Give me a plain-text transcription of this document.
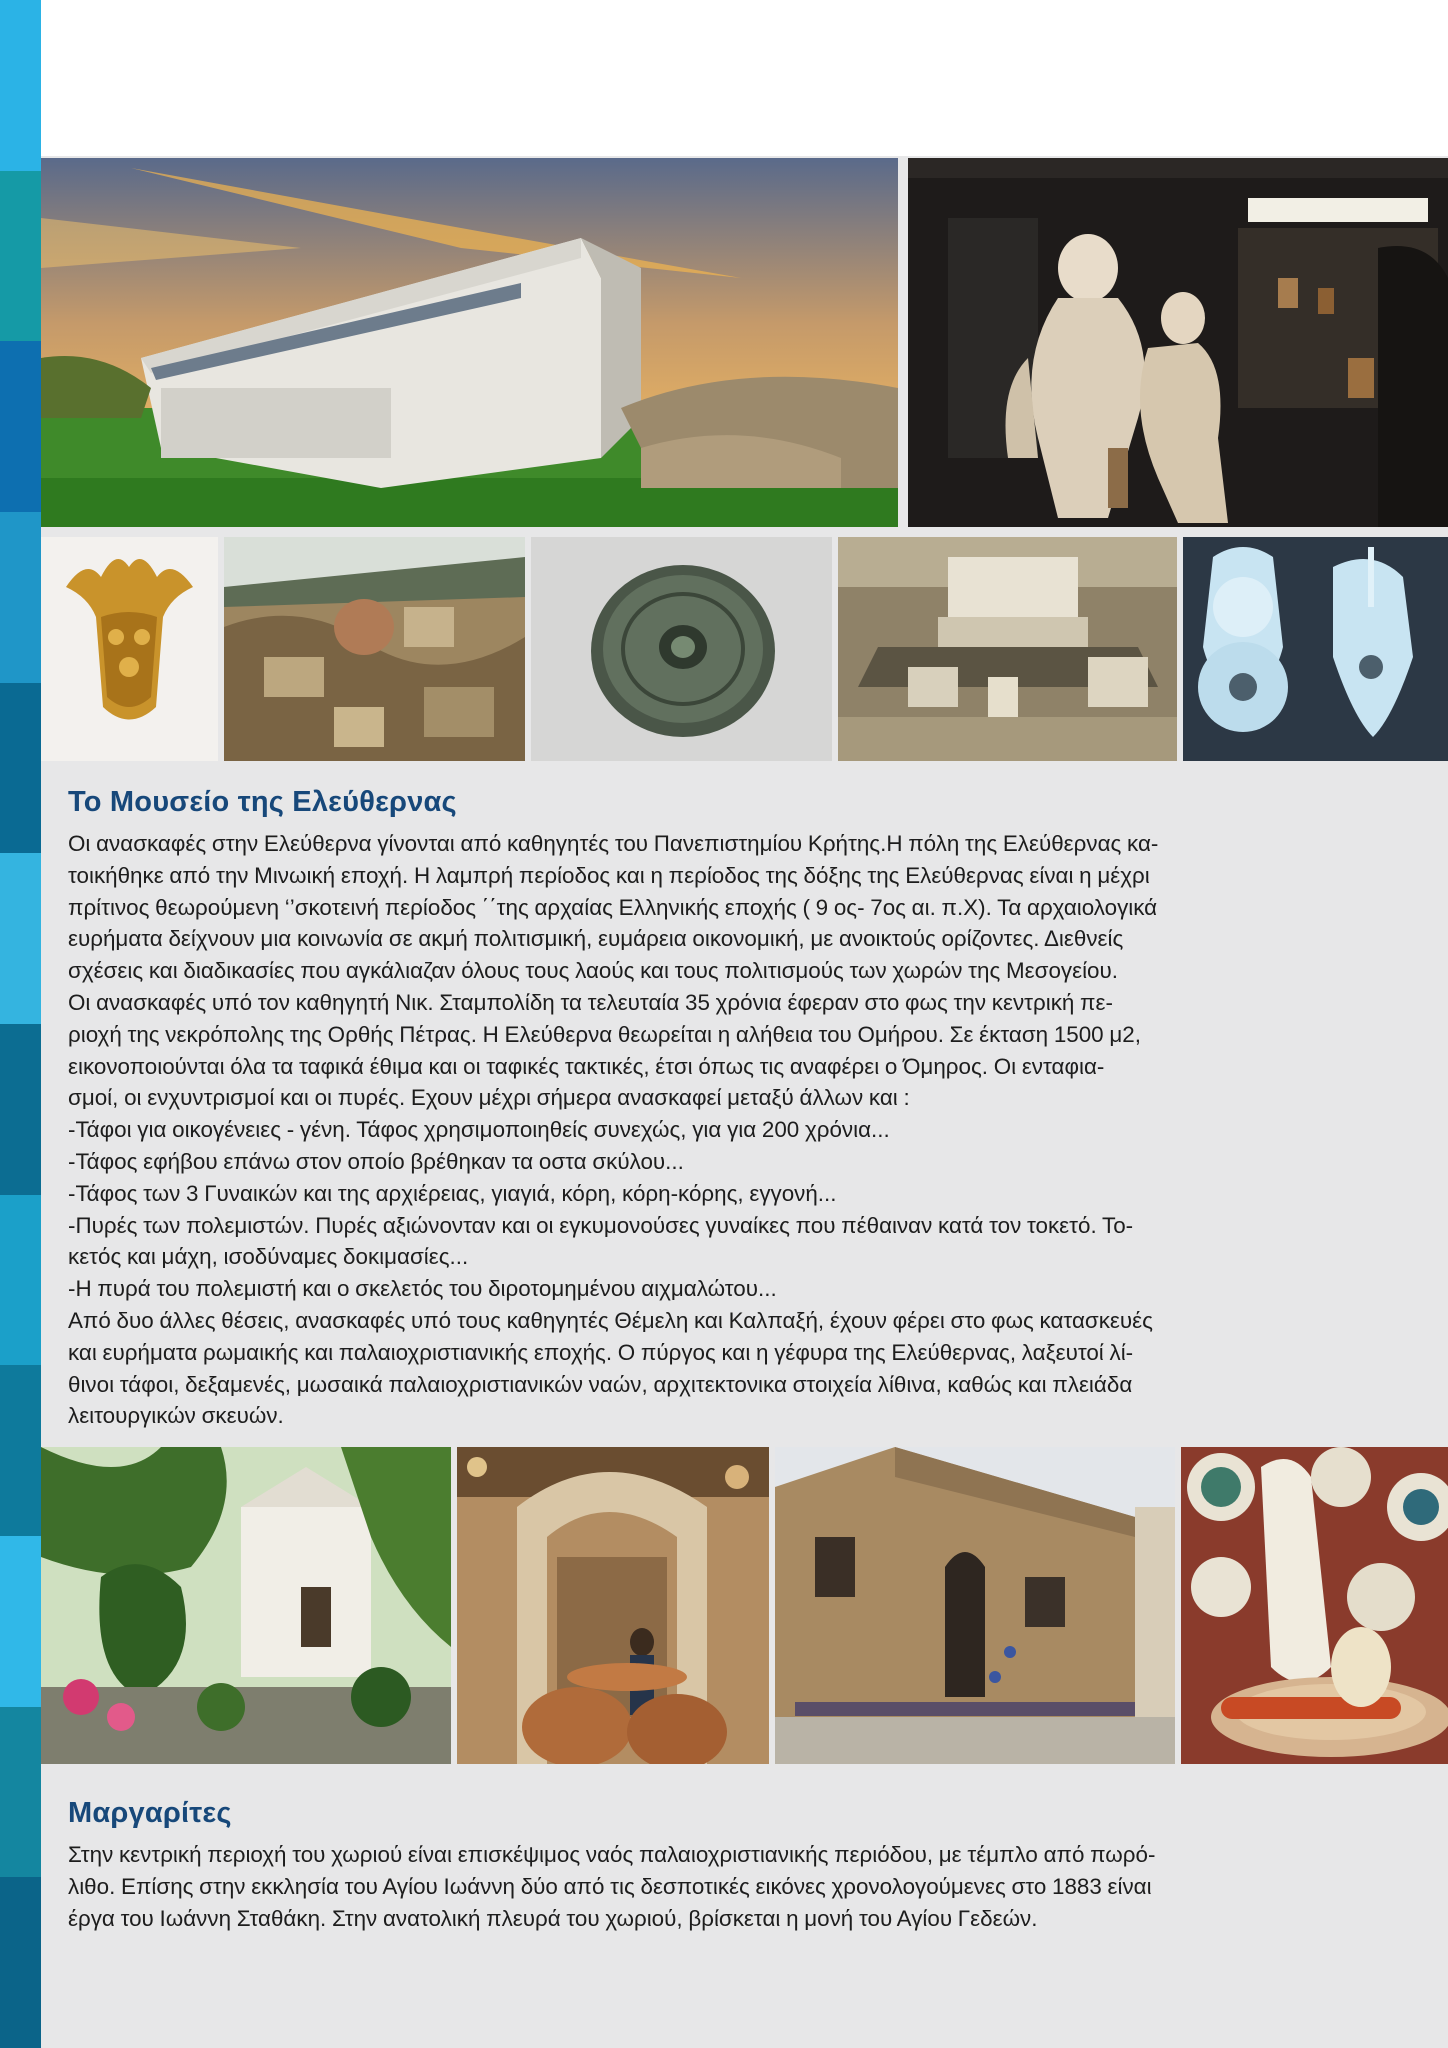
Το Μουσείο της Ελεύθερνας
Οι ανασκαφές στην Ελεύθερνα γίνονται από καθηγητές του Πανεπιστημίου Κρήτης.Η πόλη της Ελεύθερνας κα-
τοικήθηκε από την Μινωική εποχή. Η λαμπρή περίοδος και η περίοδος της δόξης της Ελεύθερνας είναι η μέχρι
πρίτινος θεωρούμενη ‘’σκοτεινή περίοδος ΄΄της αρχαίας Ελληνικής εποχής ( 9 ος- 7ος αι. π.Χ). Τα αρχαιολογικά
ευρήματα δείχνουν μια κοινωνία σε ακμή πολιτισμική, ευμάρεια οικονομική, με ανοικτούς ορίζοντες. Διεθνείς
σχέσεις και διαδικασίες που αγκάλιαζαν όλους τους λαούς και τους πολιτισμούς των χωρών της Μεσογείου.
Οι ανασκαφές υπό τον καθηγητή Νικ. Σταμπολίδη τα τελευταία 35 χρόνια έφεραν στο φως την κεντρική πε-
ριοχή της νεκρόπολης της Ορθής Πέτρας. Η Ελεύθερνα θεωρείται η αλήθεια του Ομήρου. Σε έκταση 1500 μ2,
εικονοποιούνται όλα τα ταφικά έθιμα και οι ταφικές τακτικές, έτσι όπως τις αναφέρει ο Όμηρος. Οι ενταφια-
σμοί, οι ενχυντρισμοί και οι πυρές. Εχουν μέχρι σήμερα ανασκαφεί μεταξύ άλλων και :
-Τάφοι για οικογένειες - γένη. Τάφος χρησιμοποιηθείς συνεχώς, για για 200 χρόνια...
-Τάφος εφήβου επάνω στον οποίο βρέθηκαν τα οστα σκύλου...
-Τάφος των 3 Γυναικών και της αρχιέρειας, γιαγιά, κόρη, κόρη-κόρης, εγγονή...
-Πυρές των πολεμιστών. Πυρές αξιώνονταν και οι εγκυμονούσες γυναίκες που πέθαιναν κατά τον τοκετό. Το-
κετός και μάχη, ισοδύναμες δοκιμασίες...
-Η πυρά του πολεμιστή και ο σκελετός του διροτομημένου αιχμαλώτου...
Από δυο άλλες θέσεις, ανασκαφές υπό τους καθηγητές Θέμελη και Καλπαξή, έχουν φέρει στο φως κατασκευές
και ευρήματα ρωμαικής και παλαιοχριστιανικής εποχής. Ο πύργος και η γέφυρα της Ελεύθερνας, λαξευτοί λί-
θινοι τάφοι, δεξαμενές, μωσαικά παλαιοχριστιανικών ναών, αρχιτεκτονικα στοιχεία λίθινα, καθώς και πλειάδα
λειτουργικών σκευών.
Μαργαρίτες
Στην κεντρική περιοχή του χωριού είναι επισκέψιμος ναός παλαιοχριστιανικής περιόδου, με τέμπλο από πωρό-
λιθο. Επίσης στην εκκλησία του Αγίου Ιωάννη δύο από τις δεσποτικές εικόνες χρονολογούμενες στο 1883 είναι
έργα του Ιωάννη Σταθάκη. Στην ανατολική πλευρά του χωριού, βρίσκεται η μονή του Αγίου Γεδεών.
